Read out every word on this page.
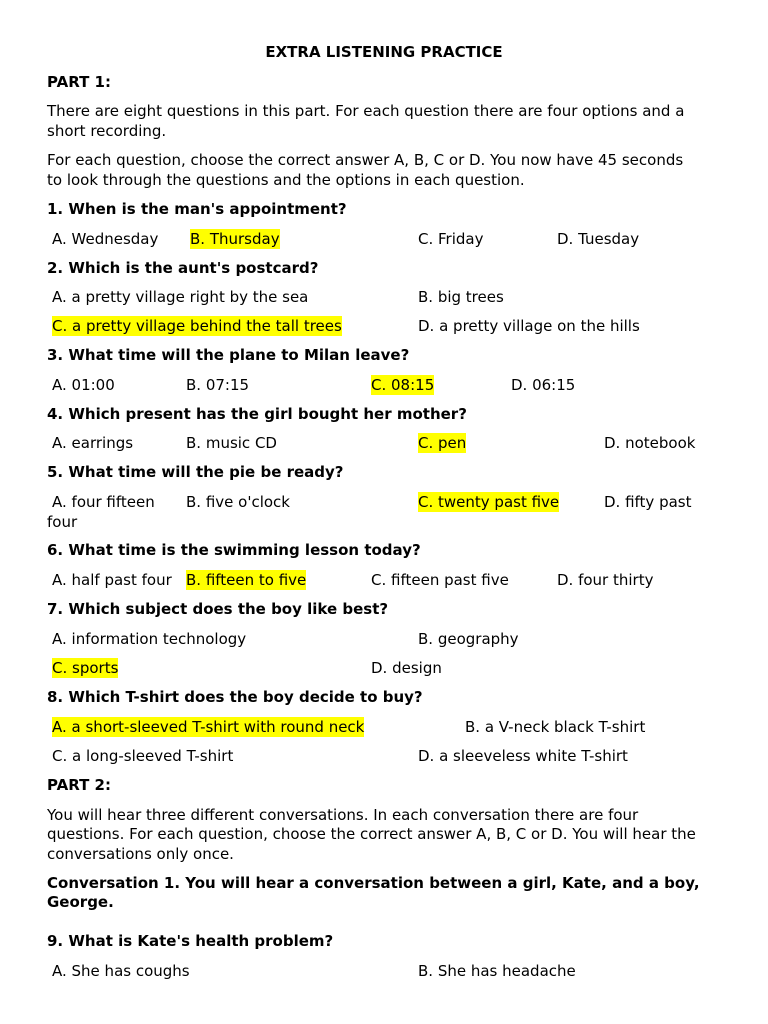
EXTRA LISTENING PRACTICE
PART 1:
There are eight questions in this part. For each question there are four options and a
short recording.
For each question, choose the correct answer A, B, C or D. You now have 45 seconds
to look through the questions and the options in each question.
1. When is the man's appointment?
A. Wednesday B. Thursday	C. Friday	D. Tuesday
2. Which is the aunt's postcard?
A. a pretty village right by the sea	B. big trees
C. a pretty village behind the tall trees	D. a pretty village on the hills
3. What time will the plane to Milan leave?
A. 01:00	B. 07:15	C. 08:15	D. 06:15
4. Which present has the girl bought her mother?
A. earrings	B. music CD	C. pen	D. notebook
5. What time will the pie be ready?
A. four fifteen B. five o'clock	C. twenty past five	D. fifty past
four
6. What time is the swimming lesson today?
A. half past four B. fifteen to five	C. fifteen past five	D. four thirty
7. Which subject does the boy like best?
A. information technology	B. geography
C. sports	D. design
8. Which T-shirt does the boy decide to buy?
A. a short-sleeved T-shirt with round neck	B. a V-neck black T-shirt
C. a long-sleeved T-shirt	D. a sleeveless white T-shirt
PART 2:
You will hear three different conversations. In each conversation there are four
questions. For each question, choose the correct answer A, B, C or D. You will hear the
conversations only once.
Conversation 1. You will hear a conversation between a girl, Kate, and a boy,
George.
9. What is Kate's health problem?
A. She has coughs	B. She has headache
